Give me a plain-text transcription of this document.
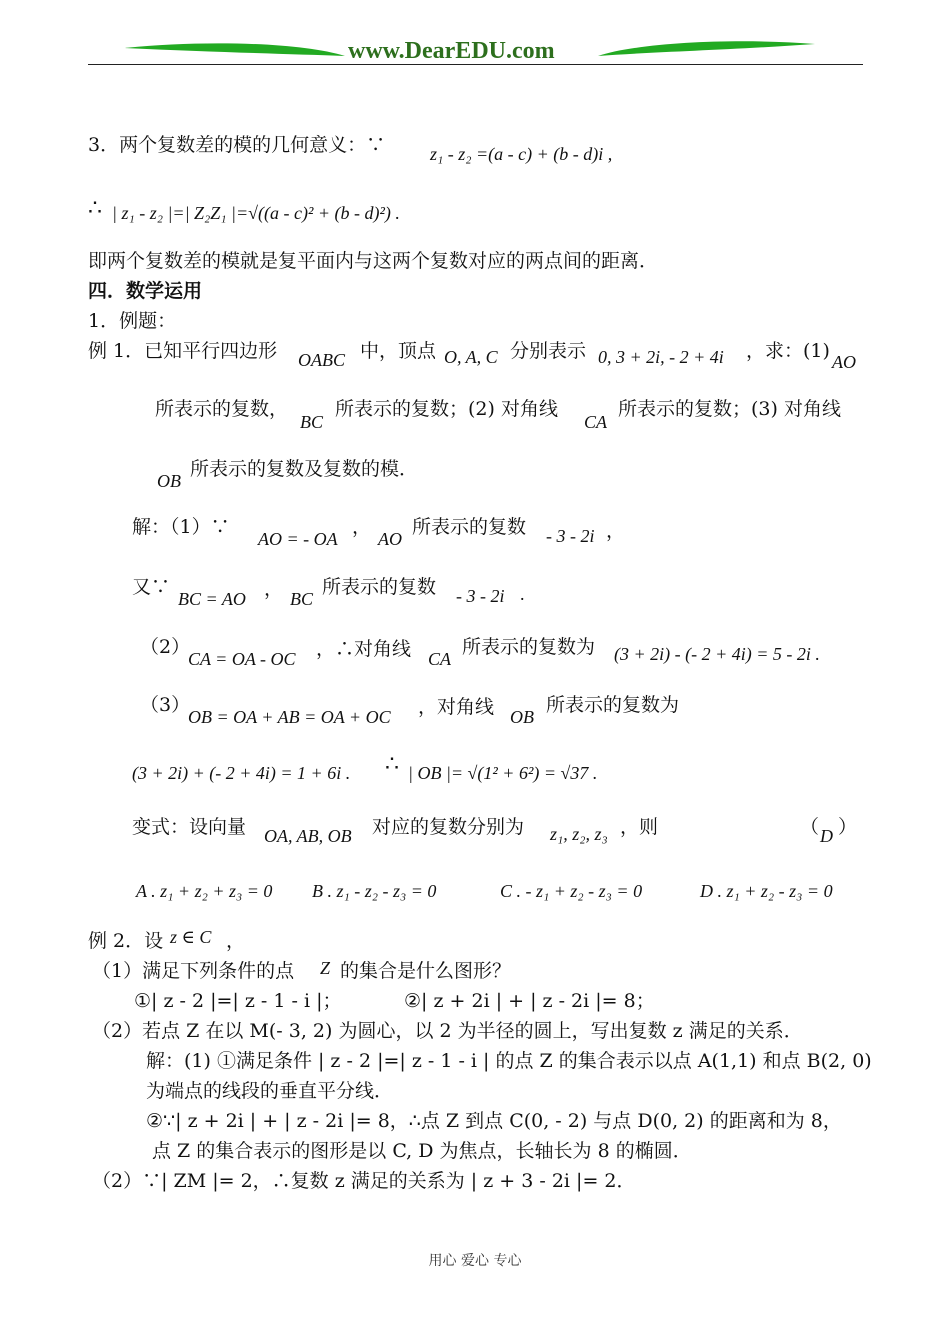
www.DearEDU.com
3．两个复数差的模的几何意义：∵ z₁ - z₂ =(a - c) + (b - d)i ,
∴ | z₁ - z₂ |=| Z₂Z₁ |=√((a - c)² + (b - d)²) .
即两个复数差的模就是复平面内与这两个复数对应的两点间的距离．
四．数学运用
1．例题：
例 1．已知平行四边形 OABC 中，顶点 O, A, C 分别表示 0, 3 + 2i, - 2 + 4i ，求：(1) AO
所表示的复数，
BC
所表示的复数；(2) 对角线
CA
所表示的复数；(3) 对角线
OB
所表示的复数及复数的模．
解：（1）∵
AO = - OA
，
AO
所表示的复数 - 3 - 2i ，
又∵
BC = AO ， BC
所表示的复数 - 3 - 2i .
（2）
CA = OA - OC ，∴对角线 CA
所表示的复数为 (3 + 2i) - (- 2 + 4i) = 5 - 2i .
（3）
OB = OA + AB = OA + OC ，对角线 OB
所表示的复数为
(3 + 2i) + (- 2 + 4i) = 1 + 6i . ∴ | OB |= √(1² + 6²) = √37 .
变式：设向量 OA, AB, OB 对应的复数分别为 z₁, z₂, z₃ ，则	（ D ）
A . z₁ + z₂ + z₃ = 0 B . z₁ - z₂ - z₃ = 0	C . - z₁ + z₂ - z₃ = 0	D . z₁ + z₂ - z₃ = 0
例 2．设 z ∈ C ，
（1）满足下列条件的点 Z 的集合是什么图形？
①| z - 2 |=| z - 1 - i |；	②| z + 2i | + | z - 2i |= 8；
（2）若点 Z 在以 M(- 3, 2) 为圆心，以 2 为半径的圆上，写出复数 z 满足的关系．
解：(1) ①满足条件 | z - 2 |=| z - 1 - i | 的点 Z 的集合表示以点 A(1,1) 和点 B(2, 0)
为端点的线段的垂直平分线．
②∵| z + 2i | + | z - 2i |= 8，∴点 Z 到点 C(0, - 2) 与点 D(0, 2) 的距离和为 8，
点 Z 的集合表示的图形是以 C, D 为焦点，长轴长为 8 的椭圆．
（2）∵| ZM |= 2，∴复数 z 满足的关系为 | z + 3 - 2i |= 2．
用心 爱心 专心
